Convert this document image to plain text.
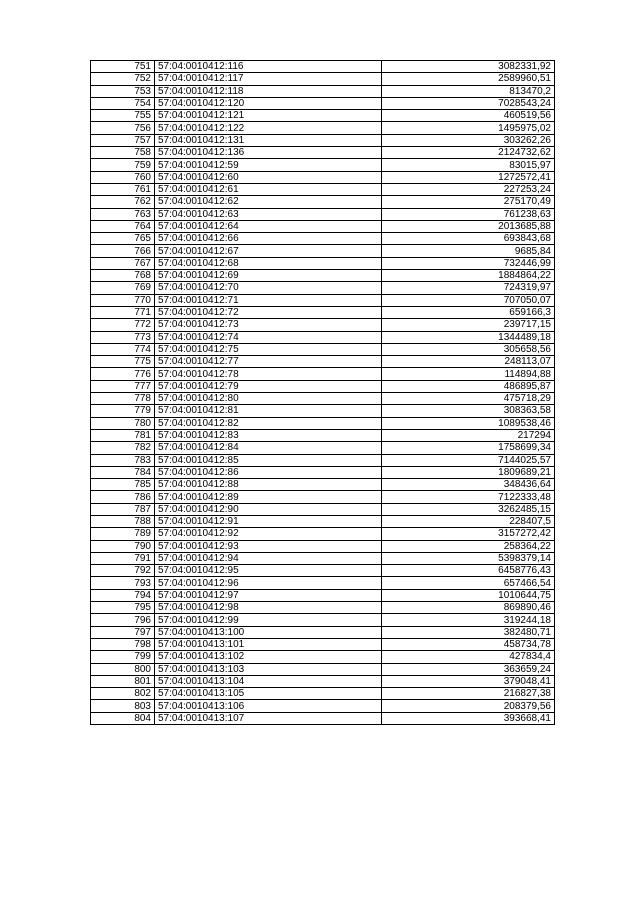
751	57:04:0010412:116	3082331,92
752	57:04:0010412:117	2589960,51
753	57:04:0010412:118	813470,2
754	57:04:0010412:120	7028543,24
755	57:04:0010412:121	460519,56
756	57:04:0010412:122	1495975,02
757	57:04:0010412:131	303262,26
758	57:04:0010412:136	2124732,62
759	57:04:0010412:59	83015,97
760	57:04:0010412:60	1272572,41
761	57:04:0010412:61	227253,24
762	57:04:0010412:62	275170,49
763	57:04:0010412:63	761238,63
764	57:04:0010412:64	2013685,88
765	57:04:0010412:66	693843,68
766	57:04:0010412:67	9685,84
767	57:04:0010412:68	732446,99
768	57:04:0010412:69	1884864,22
769	57:04:0010412:70	724319,97
770	57:04:0010412:71	707050,07
771	57:04:0010412:72	659166,3
772	57:04:0010412:73	239717,15
773	57:04:0010412:74	1344489,18
774	57:04:0010412:75	305658,56
775	57:04:0010412:77	248113,07
776	57:04:0010412:78	114894,88
777	57:04:0010412:79	486895,87
778	57:04:0010412:80	475718,29
779	57:04:0010412:81	308363,58
780	57:04:0010412:82	1089538,46
781	57:04:0010412:83	217294
782	57:04:0010412:84	1758699,34
783	57:04:0010412:85	7144025,57
784	57:04:0010412:86	1809689,21
785	57:04:0010412:88	348436,64
786	57:04:0010412:89	7122333,48
787	57:04:0010412:90	3262485,15
788	57:04:0010412:91	228407,5
789	57:04:0010412:92	3157272,42
790	57:04:0010412:93	258364,22
791	57:04:0010412:94	5398379,14
792	57:04:0010412:95	6458776,43
793	57:04:0010412:96	657466,54
794	57:04:0010412:97	1010644,75
795	57:04:0010412:98	869890,46
796	57:04:0010412:99	319244,18
797	57:04:0010413:100	382480,71
798	57:04:0010413:101	458734,78
799	57:04:0010413:102	427834,4
800	57:04:0010413:103	363659,24
801	57:04:0010413:104	379048,41
802	57:04:0010413:105	216827,38
803	57:04:0010413:106	208379,56
804	57:04:0010413:107	393668,41
